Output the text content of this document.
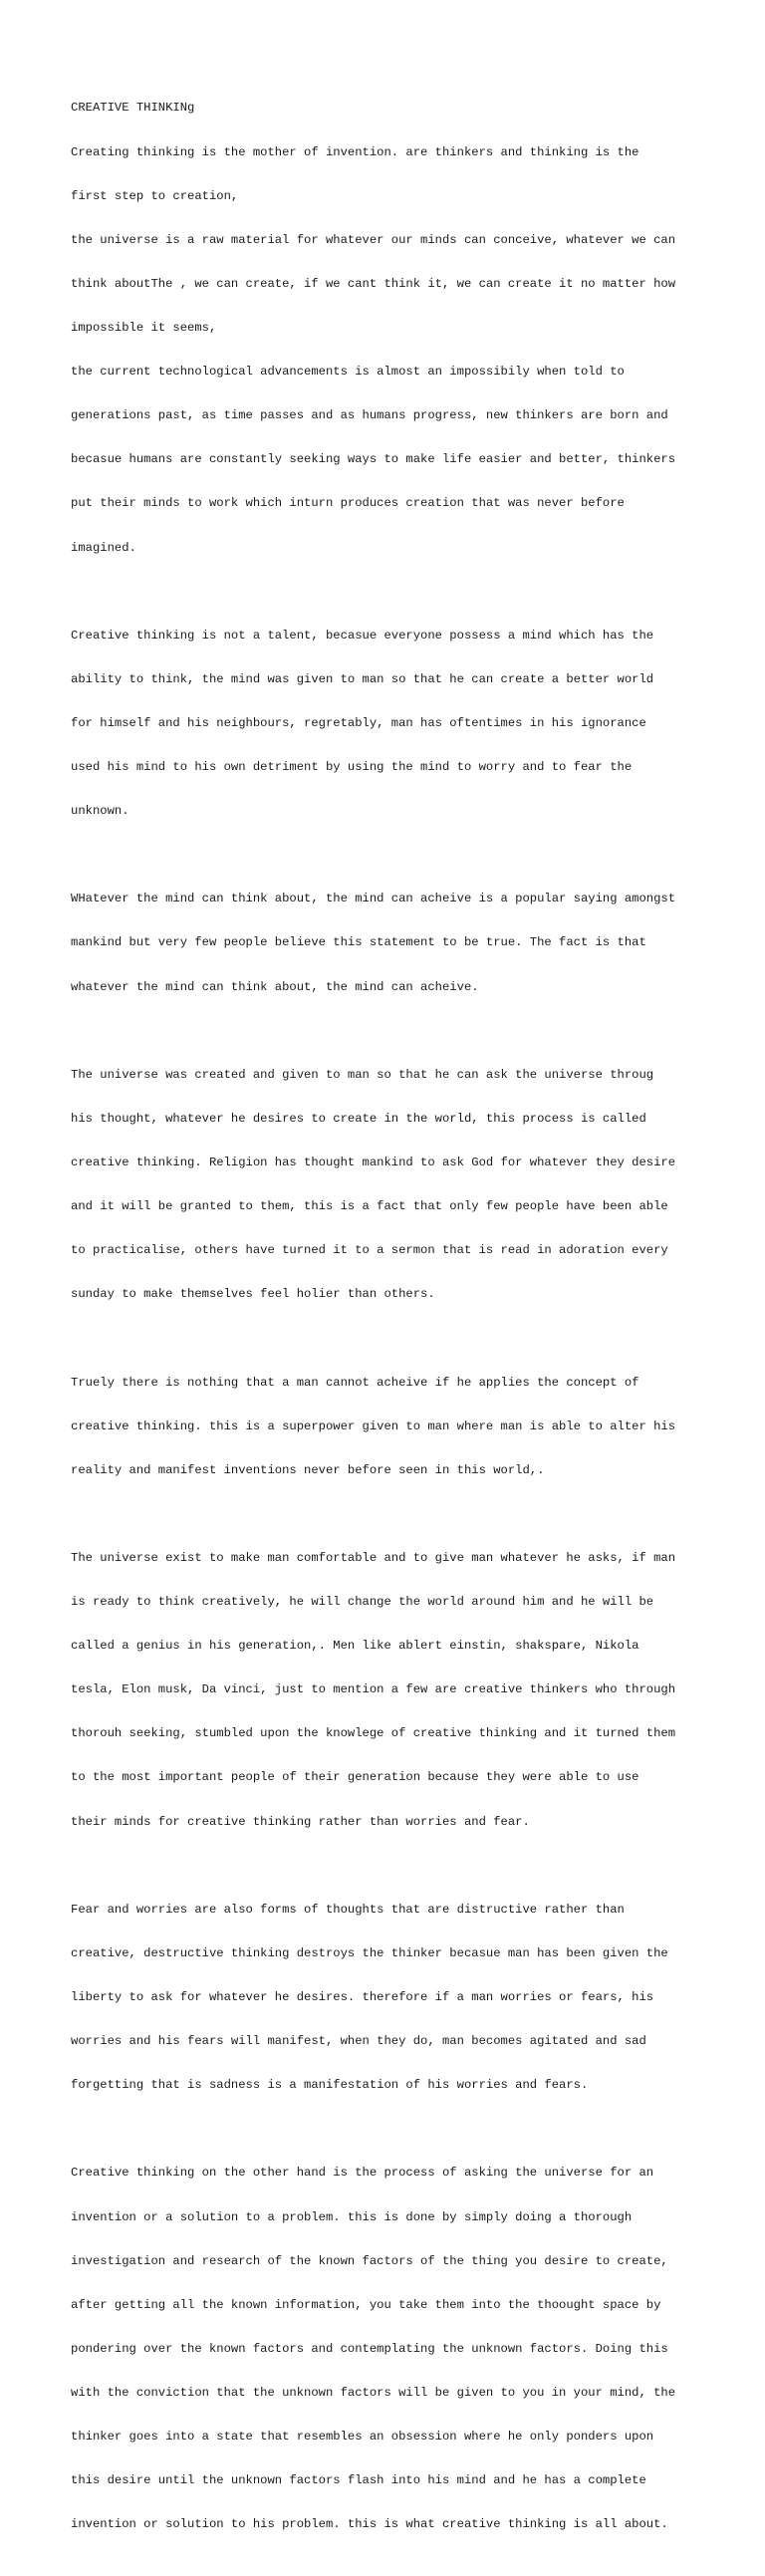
CREATIVE THINKINg

Creating thinking is the mother of invention. are thinkers and thinking is the

first step to creation,

the universe is a raw material for whatever our minds can conceive, whatever we can

think aboutThe , we can create, if we cant think it, we can create it no matter how

impossible it seems,

the current technological advancements is almost an impossibily when told to

generations past, as time passes and as humans progress, new thinkers are born and

becasue humans are constantly seeking ways to make life easier and better, thinkers

put their minds to work which inturn produces creation that was never before

imagined.

Creative thinking is not a talent, becasue everyone possess a mind which has the

ability to think, the mind was given to man so that he can create a better world

for himself and his neighbours, regretably, man has oftentimes in his ignorance

used his mind to his own detriment by using the mind to worry and to fear the

unknown.

WHatever the mind can think about, the mind can acheive is a popular saying amongst

mankind but very few people believe this statement to be true. The fact is that

whatever the mind can think about, the mind can acheive.

The universe was created and given to man so that he can ask the universe throug

his thought, whatever he desires to create in the world, this process is called

creative thinking. Religion has thought mankind to ask God for whatever they desire

and it will be granted to them, this is a fact that only few people have been able

to practicalise, others have turned it to a sermon that is read in adoration every

sunday to make themselves feel holier than others.

Truely there is nothing that a man cannot acheive if he applies the concept of

creative thinking. this is a superpower given to man where man is able to alter his

reality and manifest inventions never before seen in this world,.

The universe exist to make man comfortable and to give man whatever he asks, if man

is ready to think creatively, he will change the world around him and he will be

called a genius in his generation,. Men like ablert einstin, shakspare, Nikola

tesla, Elon musk, Da vinci, just to mention a few are creative thinkers who through

thorouh seeking, stumbled upon the knowlege of creative thinking and it turned them

to the most important people of their generation because they were able to use

their minds for creative thinking rather than worries and fear.

Fear and worries are also forms of thoughts that are distructive rather than

creative, destructive thinking destroys the thinker becasue man has been given the

liberty to ask for whatever he desires. therefore if a man worries or fears, his

worries and his fears will manifest, when they do, man becomes agitated and sad

forgetting that is sadness is a manifestation of his worries and fears.

Creative thinking on the other hand is the process of asking the universe for an

invention or a solution to a problem. this is done by simply doing a thorough

investigation and research of the known factors of the thing you desire to create,

after getting all the known information, you take them into the thoought space by

pondering over the known factors and contemplating the unknown factors. Doing this

with the conviction that the unknown factors will be given to you in your mind, the

thinker goes into a state that resembles an obsession where he only ponders upon

this desire until the unknown factors flash into his mind and he has a complete

invention or solution to his problem. this is what creative thinking is all about.
